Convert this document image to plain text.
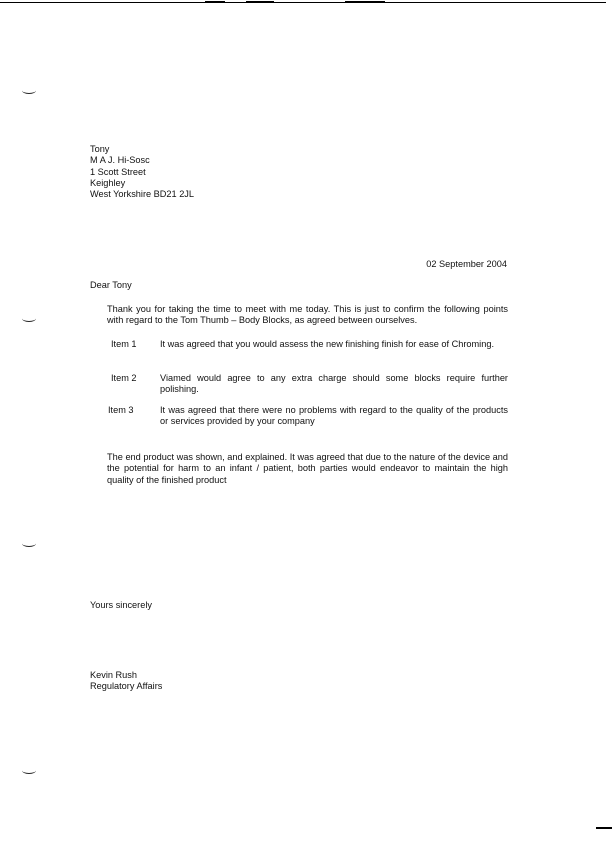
Tony
M A J. Hi-Sosc
1 Scott Street
Keighley
West Yorkshire BD21 2JL
02 September 2004
Dear Tony
Thank you for taking the time to meet with me today. This is just to confirm the following points with regard to the Tom Thumb – Body Blocks, as agreed between ourselves.
Item 1	It was agreed that you would assess the new finishing finish for ease of Chroming.
Item 2	Viamed would agree to any extra charge should some blocks require further polishing.
Item 3	It was agreed that there were no problems with regard to the quality of the products or services provided by your company
The end product was shown, and explained. It was agreed that due to the nature of the device and the potential for harm to an infant / patient, both parties would endeavor to maintain the high quality of the finished product
Yours sincerely
Kevin Rush
Regulatory Affairs
